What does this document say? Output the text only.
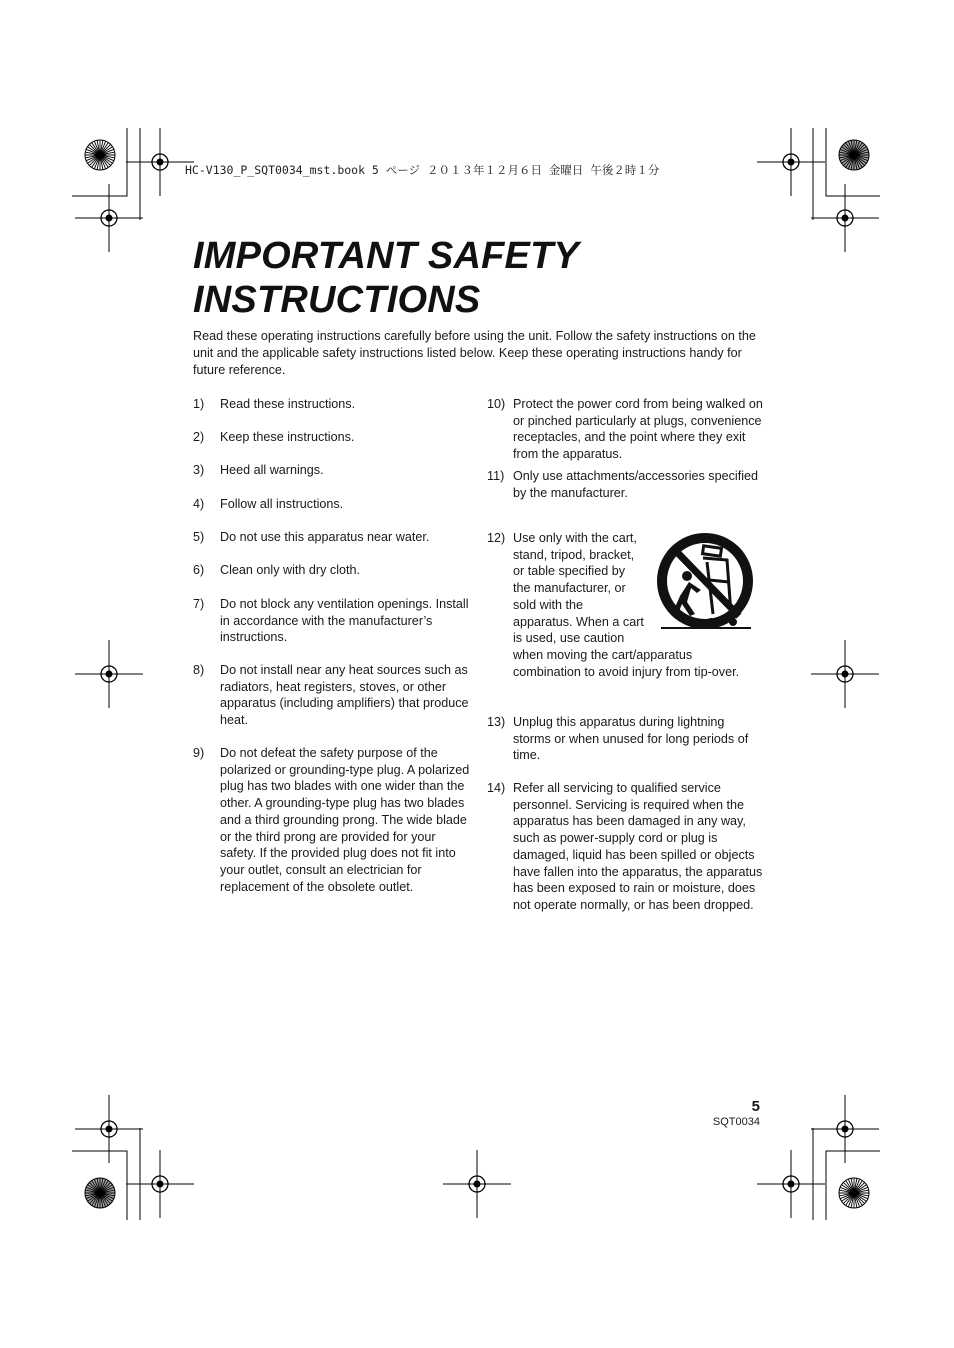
HC-V130_P_SQT0034_mst.book 5 ページ ２０１３年１２月６日 金曜日 午後２時１分
IMPORTANT SAFETY INSTRUCTIONS

Read these operating instructions carefully before using the unit. Follow the safety instructions on the unit and the applicable safety instructions listed below. Keep these operating instructions handy for future reference.

1) Read these instructions.
2) Keep these instructions.
3) Heed all warnings.
4) Follow all instructions.
5) Do not use this apparatus near water.
6) Clean only with dry cloth.
7) Do not block any ventilation openings. Install in accordance with the manufacturer’s instructions.
8) Do not install near any heat sources such as radiators, heat registers, stoves, or other apparatus (including amplifiers) that produce heat.
9) Do not defeat the safety purpose of the polarized or grounding-type plug. A polarized plug has two blades with one wider than the other. A grounding-type plug has two blades and a third grounding prong. The wide blade or the third prong are provided for your safety. If the provided plug does not fit into your outlet, consult an electrician for replacement of the obsolete outlet.
10) Protect the power cord from being walked on or pinched particularly at plugs, convenience receptacles, and the point where they exit from the apparatus.
11) Only use attachments/accessories specified by the manufacturer.
12) Use only with the cart, stand, tripod, bracket, or table specified by the manufacturer, or sold with the apparatus. When a cart is used, use caution when moving the cart/apparatus combination to avoid injury from tip-over.
13) Unplug this apparatus during lightning storms or when unused for long periods of time.
14) Refer all servicing to qualified service personnel. Servicing is required when the apparatus has been damaged in any way, such as power-supply cord or plug is damaged, liquid has been spilled or objects have fallen into the apparatus, the apparatus has been exposed to rain or moisture, does not operate normally, or has been dropped.
5
SQT0034
